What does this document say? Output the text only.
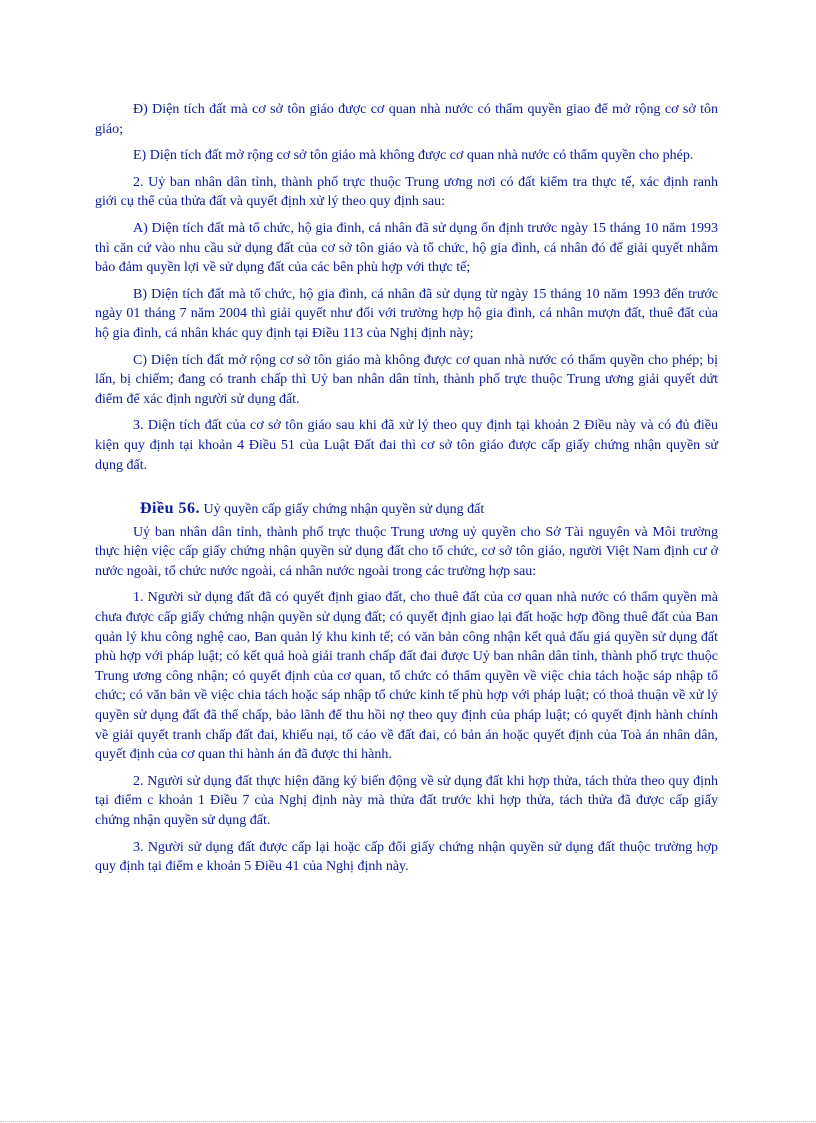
Đ) Diện tích đất mà cơ sở tôn giáo được cơ quan nhà nước có thẩm quyền giao để mở rộng cơ sở tôn giáo;

E) Diện tích đất mở rộng cơ sở tôn giáo mà không được cơ quan nhà nước có thẩm quyền cho phép.

2. Uỷ ban nhân dân tỉnh, thành phố trực thuộc Trung ương nơi có đất kiểm tra thực tế, xác định ranh giới cụ thể của thửa đất và quyết định xử lý theo quy định sau:

A) Diện tích đất mà tổ chức, hộ gia đình, cá nhân đã sử dụng ổn định trước ngày 15 tháng 10 năm 1993 thì căn cứ vào nhu cầu sử dụng đất của cơ sở tôn giáo và tổ chức, hộ gia đình, cá nhân đó để giải quyết nhằm bảo đảm quyền lợi về sử dụng đất của các bên phù hợp với thực tế;

B) Diện tích đất mà tổ chức, hộ gia đình, cá nhân đã sử dụng từ ngày 15 tháng 10 năm 1993 đến trước ngày 01 tháng 7 năm 2004 thì giải quyết như đối với trường hợp hộ gia đình, cá nhân mượn đất, thuê đất của hộ gia đình, cá nhân khác quy định tại Điều 113 của Nghị định này;

C) Diện tích đất mở rộng cơ sở tôn giáo mà không được cơ quan nhà nước có thẩm quyền cho phép; bị lấn, bị chiếm; đang có tranh chấp thì Uỷ ban nhân dân tỉnh, thành phố trực thuộc Trung ương giải quyết dứt điểm để xác định người sử dụng đất.

3. Diện tích đất của cơ sở tôn giáo sau khi đã xử lý theo quy định tại khoản 2 Điều này và có đủ điều kiện quy định tại khoản 4 Điều 51 của Luật Đất đai thì cơ sở tôn giáo được cấp giấy chứng nhận quyền sử dụng đất.

Điều 56. Uỷ quyền cấp giấy chứng nhận quyền sử dụng đất

Uỷ ban nhân dân tỉnh, thành phố trực thuộc Trung ương uỷ quyền cho Sở Tài nguyên và Môi trường thực hiện việc cấp giấy chứng nhận quyền sử dụng đất cho tổ chức, cơ sở tôn giáo, người Việt Nam định cư ở nước ngoài, tổ chức nước ngoài, cá nhân nước ngoài trong các trường hợp sau:

1. Người sử dụng đất đã có quyết định giao đất, cho thuê đất của cơ quan nhà nước có thẩm quyền mà chưa được cấp giấy chứng nhận quyền sử dụng đất; có quyết định giao lại đất hoặc hợp đồng thuê đất của Ban quản lý khu công nghệ cao, Ban quản lý khu kinh tế; có văn bản công nhận kết quả đấu giá quyền sử dụng đất phù hợp với pháp luật; có kết quả hoà giải tranh chấp đất đai được Uỷ ban nhân dân tỉnh, thành phố trực thuộc Trung ương công nhận; có quyết định của cơ quan, tổ chức có thẩm quyền về việc chia tách hoặc sáp nhập tổ chức; có văn bản về việc chia tách hoặc sáp nhập tổ chức kinh tế phù hợp với pháp luật; có thoả thuận về xử lý quyền sử dụng đất đã thế chấp, bảo lãnh để thu hồi nợ theo quy định của pháp luật; có quyết định hành chính về giải quyết tranh chấp đất đai, khiếu nại, tố cáo về đất đai, có bản án hoặc quyết định của Toà án nhân dân, quyết định của cơ quan thi hành án đã được thi hành.

2. Người sử dụng đất thực hiện đăng ký biến động về sử dụng đất khi hợp thửa, tách thửa theo quy định tại điểm c khoản 1 Điều 7 của Nghị định này mà thửa đất trước khi hợp thửa, tách thửa đã được cấp giấy chứng nhận quyền sử dụng đất.

3. Người sử dụng đất được cấp lại hoặc cấp đổi giấy chứng nhận quyền sử dụng đất thuộc trường hợp quy định tại điểm e khoản 5 Điều 41 của Nghị định này.
